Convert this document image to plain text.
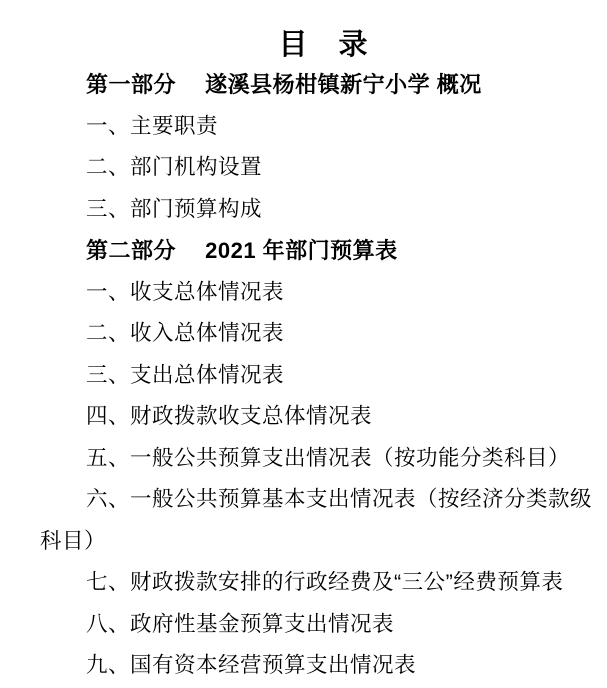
目　录

第一部分　 遂溪县杨柑镇新宁小学 概况

一、主要职责

二、部门机构设置

三、部门预算构成

第二部分　 2021 年部门预算表

一、收支总体情况表

二、收入总体情况表

三、支出总体情况表

四、财政拨款收支总体情况表

五、一般公共预算支出情况表（按功能分类科目）

六、一般公共预算基本支出情况表（按经济分类款级科目）

七、财政拨款安排的行政经费及“三公”经费预算表

八、政府性基金预算支出情况表

九、国有资本经营预算支出情况表
